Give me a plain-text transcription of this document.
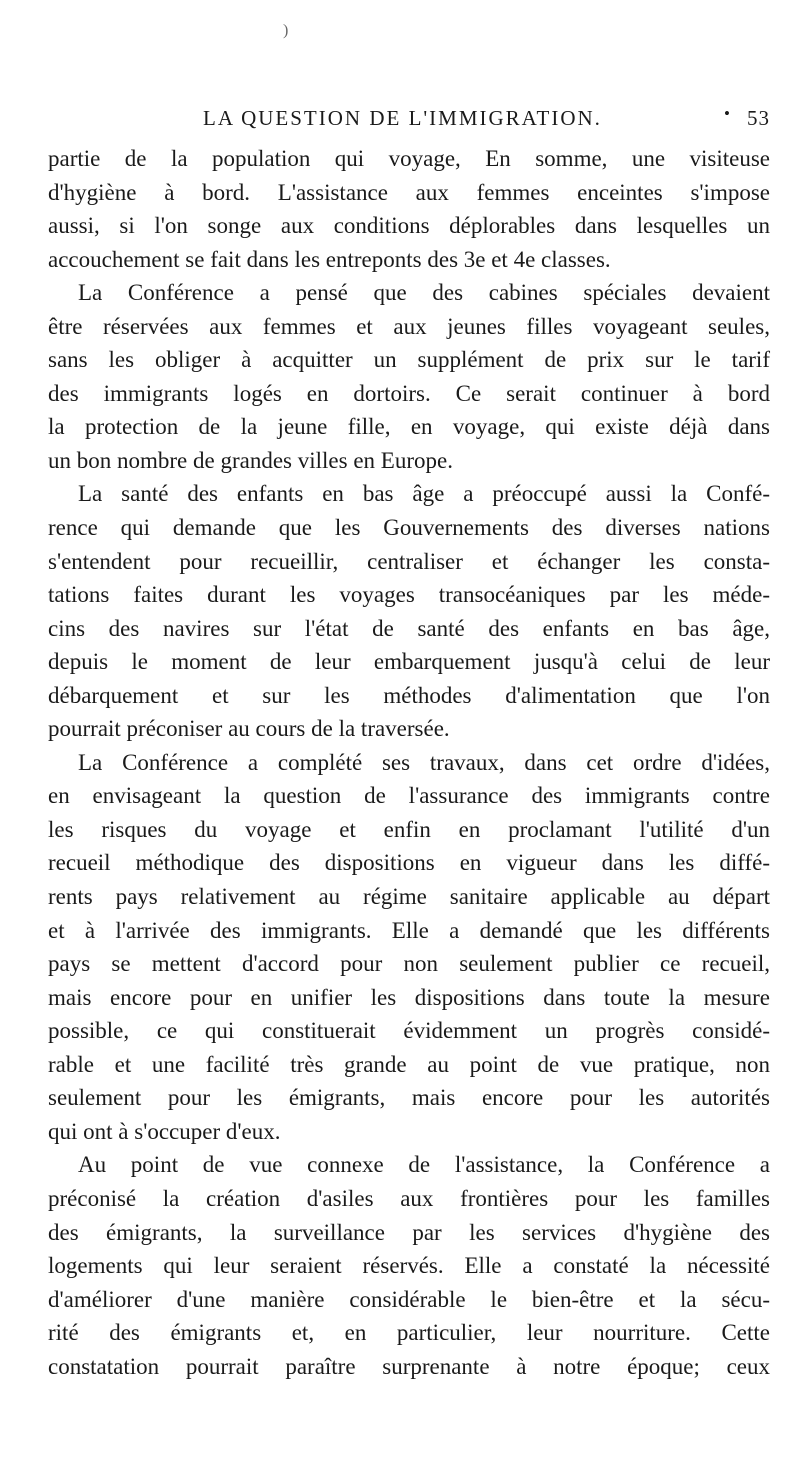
)
LA QUESTION DE L'IMMIGRATION.	• 53
partie de la population qui voyage, En somme, une visiteuse
d'hygiène à bord. L'assistance aux femmes enceintes s'impose
aussi, si l'on songe aux conditions déplorables dans lesquelles un
accouchement se fait dans les entreponts des 3e et 4e classes.
La Conférence a pensé que des cabines spéciales devaient
être réservées aux femmes et aux jeunes filles voyageant seules,
sans les obliger à acquitter un supplément de prix sur le tarif
des immigrants logés en dortoirs. Ce serait continuer à bord
la protection de la jeune fille, en voyage, qui existe déjà dans
un bon nombre de grandes villes en Europe.
La santé des enfants en bas âge a préoccupé aussi la Confé-
rence qui demande que les Gouvernements des diverses nations
s'entendent pour recueillir, centraliser et échanger les consta-
tations faites durant les voyages transocéaniques par les méde-
cins des navires sur l'état de santé des enfants en bas âge,
depuis le moment de leur embarquement jusqu'à celui de leur
débarquement et sur les méthodes d'alimentation que l'on
pourrait préconiser au cours de la traversée.
La Conférence a complété ses travaux, dans cet ordre d'idées,
en envisageant la question de l'assurance des immigrants contre
les risques du voyage et enfin en proclamant l'utilité d'un
recueil méthodique des dispositions en vigueur dans les diffé-
rents pays relativement au régime sanitaire applicable au départ
et à l'arrivée des immigrants. Elle a demandé que les différents
pays se mettent d'accord pour non seulement publier ce recueil,
mais encore pour en unifier les dispositions dans toute la mesure
possible, ce qui constituerait évidemment un progrès considé-
rable et une facilité très grande au point de vue pratique, non
seulement pour les émigrants, mais encore pour les autorités
qui ont à s'occuper d'eux.
Au point de vue connexe de l'assistance, la Conférence a
préconisé la création d'asiles aux frontières pour les familles
des émigrants, la surveillance par les services d'hygiène des
logements qui leur seraient réservés. Elle a constaté la nécessité
d'améliorer d'une manière considérable le bien-être et la sécu-
rité des émigrants et, en particulier, leur nourriture. Cette
constatation pourrait paraître surprenante à notre époque; ceux
